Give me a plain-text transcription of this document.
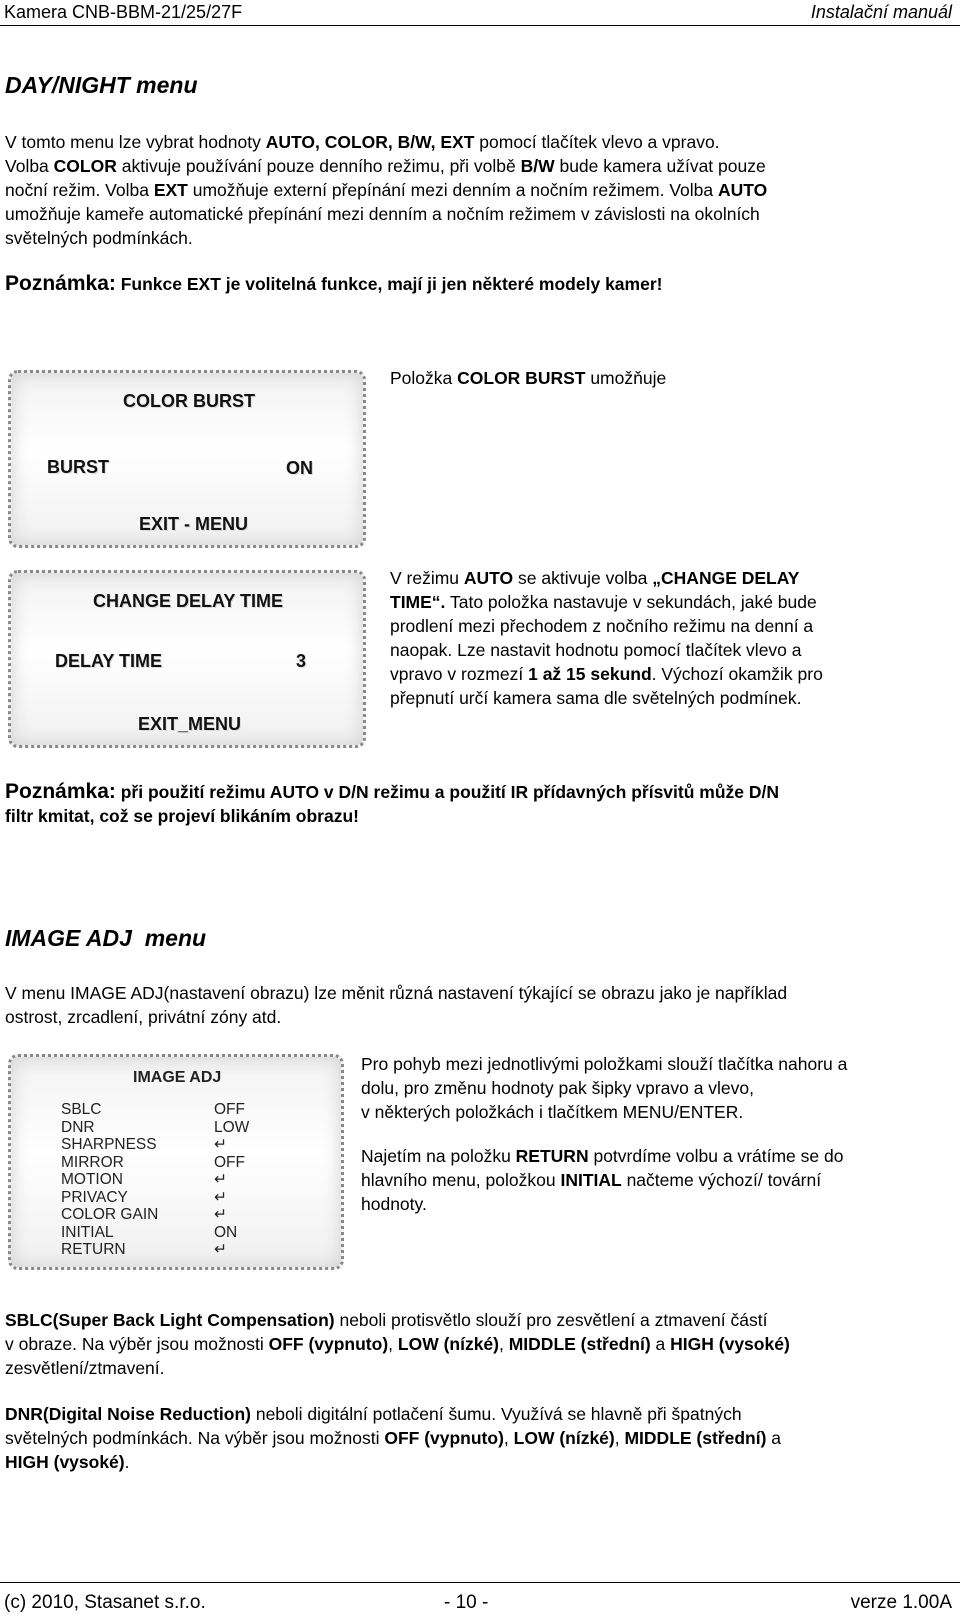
Kamera CNB-BBM-21/25/27F	Instalační manuál
DAY/NIGHT menu
V tomto menu lze vybrat hodnoty AUTO, COLOR, B/W, EXT pomocí tlačítek vlevo a vpravo.
Volba COLOR aktivuje používání pouze denního režimu, při volbě B/W bude kamera užívat pouze
noční režim. Volba EXT umožňuje externí přepínání mezi denním a nočním režimem. Volba AUTO
umožňuje kameře automatické přepínání mezi denním a nočním režimem v závislosti na okolních
světelných podmínkách.
Poznámka: Funkce EXT je volitelná funkce, mají ji jen některé modely kamer!
COLOR BURST
BURST	ON
EXIT - MENU
Položka COLOR BURST umožňuje
CHANGE DELAY TIME
DELAY TIME	3
EXIT_MENU
V režimu AUTO se aktivuje volba „CHANGE DELAY
TIME“. Tato položka nastavuje v sekundách, jaké bude
prodlení mezi přechodem z nočního režimu na denní a
naopak. Lze nastavit hodnotu pomocí tlačítek vlevo a
vpravo v rozmezí 1 až 15 sekund. Výchozí okamžik pro
přepnutí určí kamera sama dle světelných podmínek.
Poznámka: při použití režimu AUTO v D/N režimu a použití IR přídavných přísvitů může D/N
filtr kmitat, což se projeví blikáním obrazu!
IMAGE ADJ  menu
V menu IMAGE ADJ(nastavení obrazu) lze měnit různá nastavení týkající se obrazu jako je například
ostrost, zrcadlení, privátní zóny atd.
IMAGE ADJ
SBLC	OFF
DNR	LOW
SHARPNESS	↵
MIRROR	OFF
MOTION	↵
PRIVACY	↵
COLOR GAIN	↵
INITIAL	ON
RETURN	↵
Pro pohyb mezi jednotlivými položkami slouží tlačítka nahoru a
dolu, pro změnu hodnoty pak šipky vpravo a vlevo,
v některých položkách i tlačítkem MENU/ENTER.
Najetím na položku RETURN potvrdíme volbu a vrátíme se do
hlavního menu, položkou INITIAL načteme výchozí/ tovární
hodnoty.
SBLC(Super Back Light Compensation) neboli protisvětlo slouží pro zesvětlení a ztmavení částí
v obraze. Na výběr jsou možnosti OFF (vypnuto), LOW (nízké), MIDDLE (střední) a HIGH (vysoké)
zesvětlení/ztmavení.
DNR(Digital Noise Reduction) neboli digitální potlačení šumu. Využívá se hlavně při špatných
světelných podmínkách. Na výběr jsou možnosti OFF (vypnuto), LOW (nízké), MIDDLE (střední) a
HIGH (vysoké).
(c) 2010, Stasanet s.r.o.	- 10 -	verze 1.00A
